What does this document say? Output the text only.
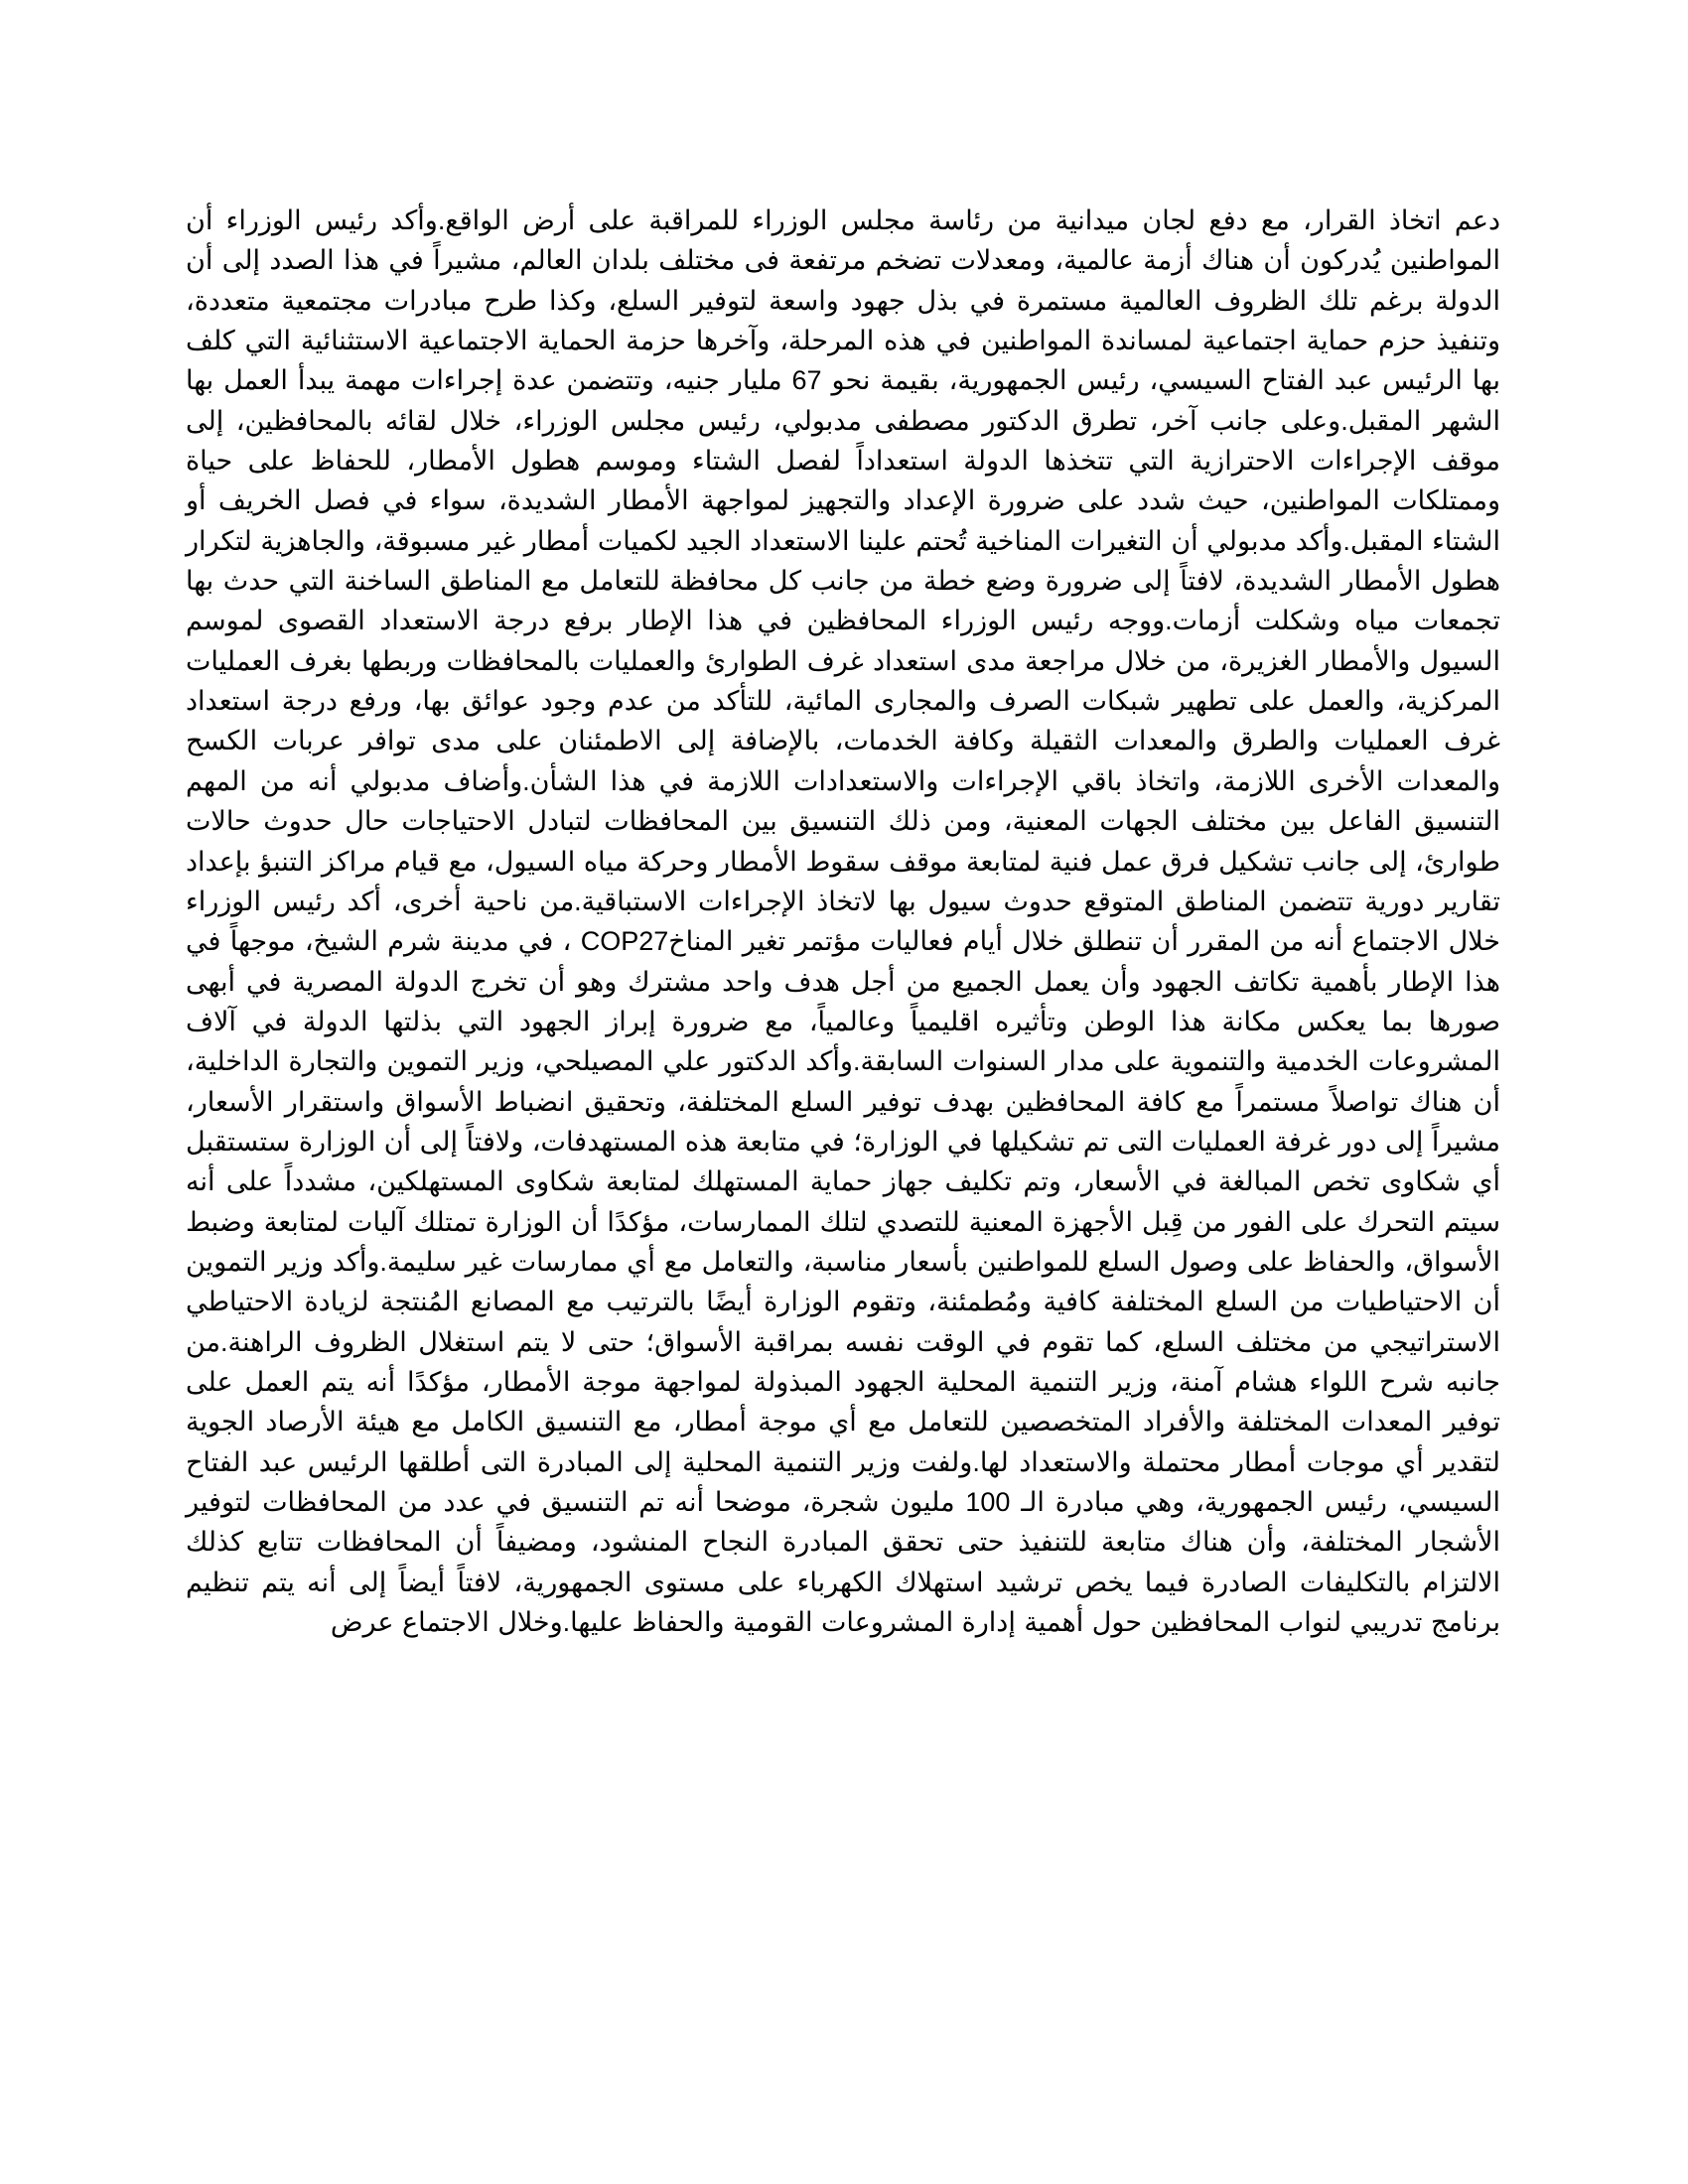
دعم اتخاذ القرار، مع دفع لجان ميدانية من رئاسة مجلس الوزراء للمراقبة على أرض الواقع.وأكد رئيس الوزراء أن المواطنين يُدركون أن هناك أزمة عالمية، ومعدلات تضخم مرتفعة فى مختلف بلدان العالم، مشيراً في هذا الصدد إلى أن الدولة برغم تلك الظروف العالمية مستمرة في بذل جهود واسعة لتوفير السلع، وكذا طرح مبادرات مجتمعية متعددة، وتنفيذ حزم حماية اجتماعية لمساندة المواطنين في هذه المرحلة، وآخرها حزمة الحماية الاجتماعية الاستثنائية التي كلف بها الرئيس عبد الفتاح السيسي، رئيس الجمهورية، بقيمة نحو 67 مليار جنيه، وتتضمن عدة إجراءات مهمة يبدأ العمل بها الشهر المقبل.وعلى جانب آخر، تطرق الدكتور مصطفى مدبولي، رئيس مجلس الوزراء، خلال لقائه بالمحافظين، إلى موقف الإجراءات الاحترازية التي تتخذها الدولة استعداداً لفصل الشتاء وموسم هطول الأمطار، للحفاظ على حياة وممتلكات المواطنين، حيث شدد على ضرورة الإعداد والتجهيز لمواجهة الأمطار الشديدة، سواء في فصل الخريف أو الشتاء المقبل.وأكد مدبولي أن التغيرات المناخية تُحتم علينا الاستعداد الجيد لكميات أمطار غير مسبوقة، والجاهزية لتكرار هطول الأمطار الشديدة، لافتاً إلى ضرورة وضع خطة من جانب كل محافظة للتعامل مع المناطق الساخنة التي حدث بها تجمعات مياه وشكلت أزمات.ووجه رئيس الوزراء المحافظين في هذا الإطار برفع درجة الاستعداد القصوى لموسم السيول والأمطار الغزيرة، من خلال مراجعة مدى استعداد غرف الطوارئ والعمليات بالمحافظات وربطها بغرف العمليات المركزية، والعمل على تطهير شبكات الصرف والمجارى المائية، للتأكد من عدم وجود عوائق بها، ورفع درجة استعداد غرف العمليات والطرق والمعدات الثقيلة وكافة الخدمات، بالإضافة إلى الاطمئنان على مدى توافر عربات الكسح والمعدات الأخرى اللازمة، واتخاذ باقي الإجراءات والاستعدادات اللازمة في هذا الشأن.وأضاف مدبولي أنه من المهم التنسيق الفاعل بين مختلف الجهات المعنية، ومن ذلك التنسيق بين المحافظات لتبادل الاحتياجات حال حدوث حالات طوارئ، إلى جانب تشكيل فرق عمل فنية لمتابعة موقف سقوط الأمطار وحركة مياه السيول، مع قيام مراكز التنبؤ بإعداد تقارير دورية تتضمن المناطق المتوقع حدوث سيول بها لاتخاذ الإجراءات الاستباقية.من ناحية أخرى، أكد رئيس الوزراء خلال الاجتماع أنه من المقرر أن تنطلق خلال أيام فعاليات مؤتمر تغير المناخCOP27 ، في مدينة شرم الشيخ، موجهاً في هذا الإطار بأهمية تكاتف الجهود وأن يعمل الجميع من أجل هدف واحد مشترك وهو أن تخرج الدولة المصرية في أبهى صورها بما يعكس مكانة هذا الوطن وتأثيره اقليمياً وعالمياً، مع ضرورة إبراز الجهود التي بذلتها الدولة في آلاف المشروعات الخدمية والتنموية على مدار السنوات السابقة.وأكد الدكتور علي المصيلحي، وزير التموين والتجارة الداخلية، أن هناك تواصلاً مستمراً مع كافة المحافظين بهدف توفير السلع المختلفة، وتحقيق انضباط الأسواق واستقرار الأسعار، مشيراً إلى دور غرفة العمليات التى تم تشكيلها في الوزارة؛ في متابعة هذه المستهدفات، ولافتاً إلى أن الوزارة ستستقبل أي شكاوى تخص المبالغة في الأسعار، وتم تكليف جهاز حماية المستهلك لمتابعة شكاوى المستهلكين، مشدداً على أنه سيتم التحرك على الفور من قِبل الأجهزة المعنية للتصدي لتلك الممارسات، مؤكدًا أن الوزارة تمتلك آليات لمتابعة وضبط الأسواق، والحفاظ على وصول السلع للمواطنين بأسعار مناسبة، والتعامل مع أي ممارسات غير سليمة.وأكد وزير التموين أن الاحتياطيات من السلع المختلفة كافية ومُطمئنة، وتقوم الوزارة أيضًا بالترتيب مع المصانع المُنتجة لزيادة الاحتياطي الاستراتيجي من مختلف السلع، كما تقوم في الوقت نفسه بمراقبة الأسواق؛ حتى لا يتم استغلال الظروف الراهنة.من جانبه شرح اللواء هشام آمنة، وزير التنمية المحلية الجهود المبذولة لمواجهة موجة الأمطار، مؤكدًا أنه يتم العمل على توفير المعدات المختلفة والأفراد المتخصصين للتعامل مع أي موجة أمطار، مع التنسيق الكامل مع هيئة الأرصاد الجوية لتقدير أي موجات أمطار محتملة والاستعداد لها.ولفت وزير التنمية المحلية إلى المبادرة التى أطلقها الرئيس عبد الفتاح السيسي، رئيس الجمهورية، وهي مبادرة الـ 100 مليون شجرة، موضحا أنه تم التنسيق في عدد من المحافظات لتوفير الأشجار المختلفة، وأن هناك متابعة للتنفيذ حتى تحقق المبادرة النجاح المنشود، ومضيفاً أن المحافظات تتابع كذلك الالتزام بالتكليفات الصادرة فيما يخص ترشيد استهلاك الكهرباء على مستوى الجمهورية، لافتاً أيضاً إلى أنه يتم تنظيم برنامج تدريبي لنواب المحافظين حول أهمية إدارة المشروعات القومية والحفاظ عليها.وخلال الاجتماع عرض
